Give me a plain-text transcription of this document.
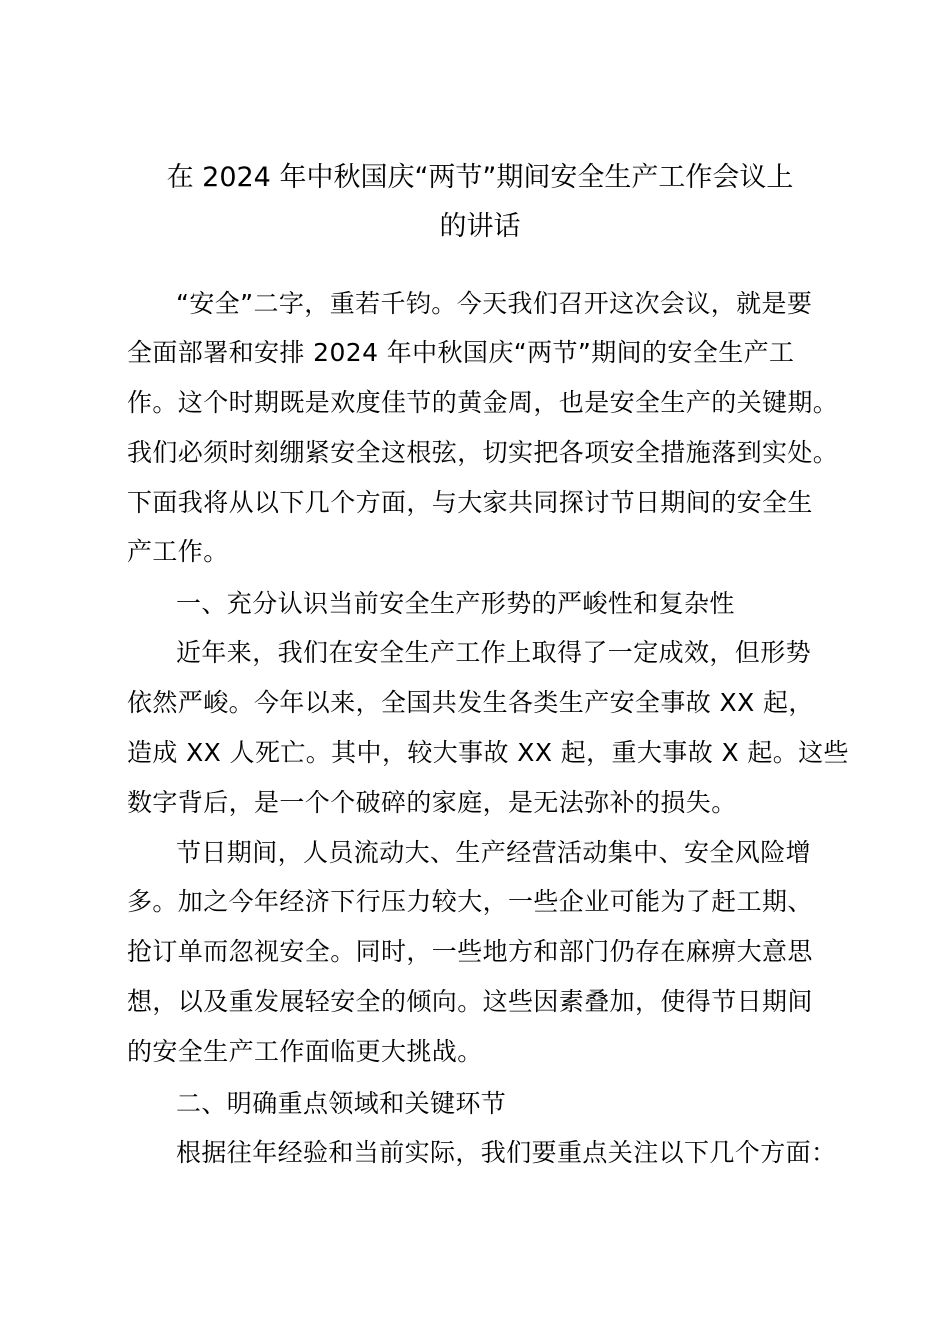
在 2024 年中秋国庆“两节”期间安全生产工作会议上
的讲话
“安全”二字，重若千钧。今天我们召开这次会议，就是要
全面部署和安排 2024 年中秋国庆“两节”期间的安全生产工
作。这个时期既是欢度佳节的黄金周，也是安全生产的关键期。
我们必须时刻绷紧安全这根弦，切实把各项安全措施落到实处。
下面我将从以下几个方面，与大家共同探讨节日期间的安全生
产工作。
一、充分认识当前安全生产形势的严峻性和复杂性
近年来，我们在安全生产工作上取得了一定成效，但形势
依然严峻。今年以来，全国共发生各类生产安全事故 XX 起，
造成 XX 人死亡。其中，较大事故 XX 起，重大事故 X 起。这些
数字背后，是一个个破碎的家庭，是无法弥补的损失。
节日期间，人员流动大、生产经营活动集中、安全风险增
多。加之今年经济下行压力较大，一些企业可能为了赶工期、
抢订单而忽视安全。同时，一些地方和部门仍存在麻痹大意思
想，以及重发展轻安全的倾向。这些因素叠加，使得节日期间
的安全生产工作面临更大挑战。
二、明确重点领域和关键环节
根据往年经验和当前实际，我们要重点关注以下几个方面：
